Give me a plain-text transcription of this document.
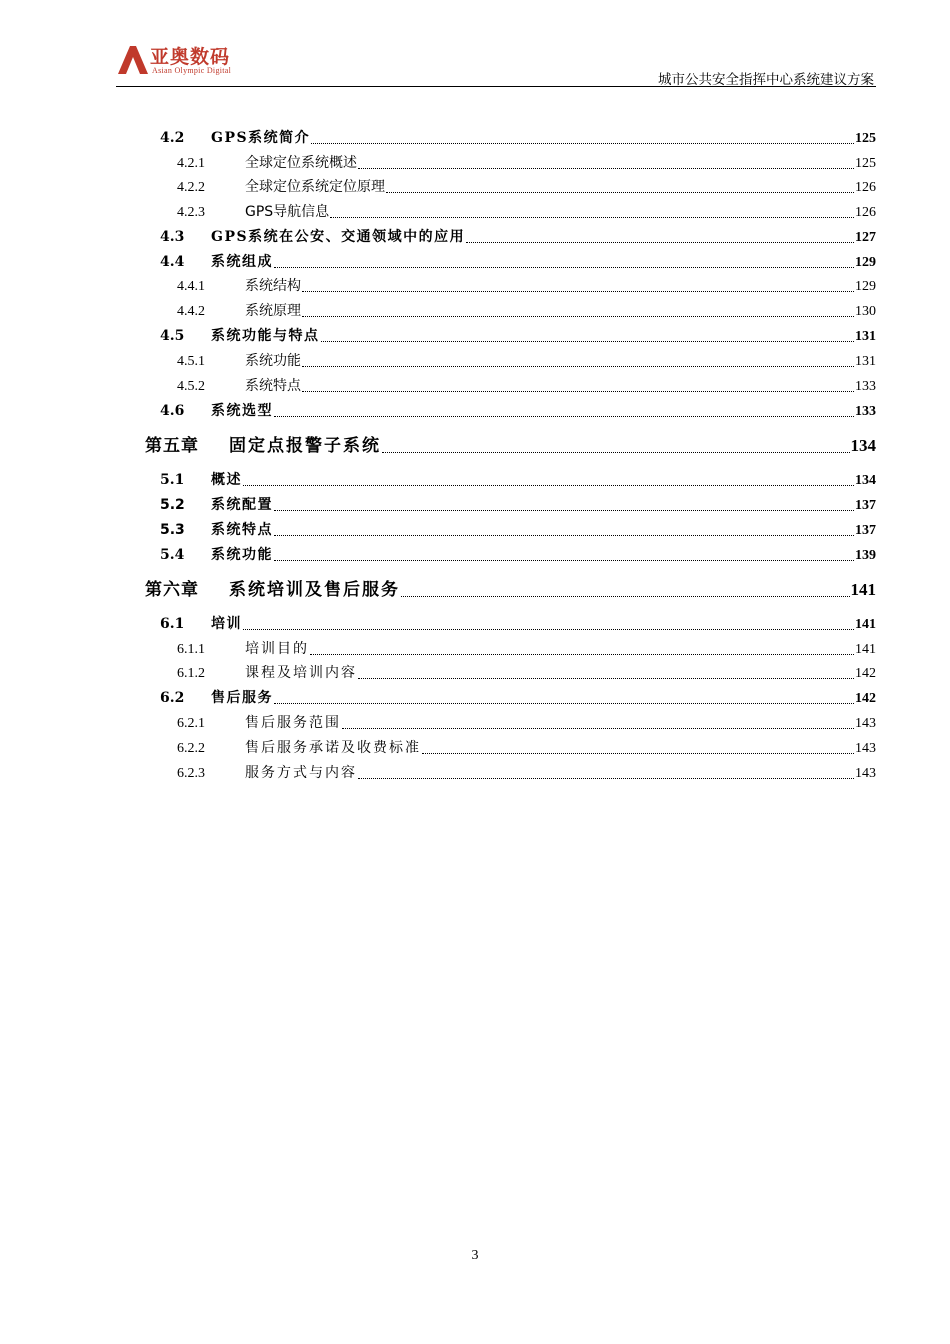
亚奥数码
Asian Olympic Digital
城市公共安全指挥中心系统建议方案
4.2	GPS系统简介	125
4.2.1	全球定位系统概述	125
4.2.2	全球定位系统定位原理	126
4.2.3	GPS导航信息	126
4.3	GPS系统在公安、交通领域中的应用	127
4.4	系统组成	129
4.4.1	系统结构	129
4.4.2	系统原理	130
4.5	系统功能与特点	131
4.5.1	系统功能	131
4.5.2	系统特点	133
4.6	系统选型	133
第五章	固定点报警子系统	134
5.1	概述	134
5.2	系统配置	137
5.3	系统特点	137
5.4	系统功能	139
第六章	系统培训及售后服务	141
6.1	培训	141
6.1.1	培训目的	141
6.1.2	课程及培训内容	142
6.2	售后服务	142
6.2.1	售后服务范围	143
6.2.2	售后服务承诺及收费标准	143
6.2.3	服务方式与内容	143
3
